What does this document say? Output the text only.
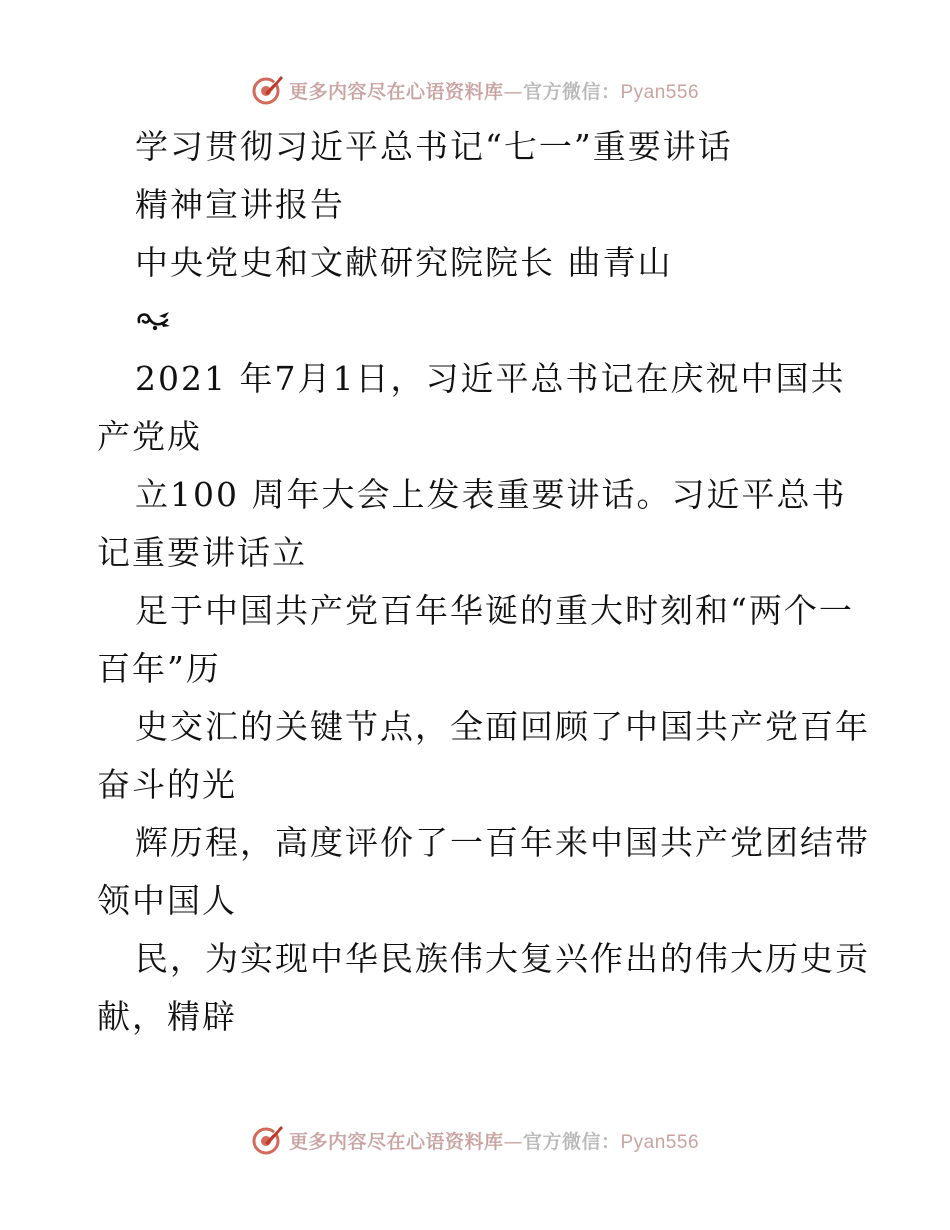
更多内容尽在心语资料库—官方微信：Pyan556
学习贯彻习近平总书记“七一”重要讲话
精神宣讲报告
中央党史和文献研究院院长 曲青山
2021 年7月1日，习近平总书记在庆祝中国共
产党成
立100 周年大会上发表重要讲话。习近平总书
记重要讲话立
足于中国共产党百年华诞的重大时刻和“两个一
百年”历
史交汇的关键节点，全面回顾了中国共产党百年
奋斗的光
辉历程，高度评价了一百年来中国共产党团结带
领中国人
民，为实现中华民族伟大复兴作出的伟大历史贡
献，精辟
更多内容尽在心语资料库—官方微信：Pyan556
